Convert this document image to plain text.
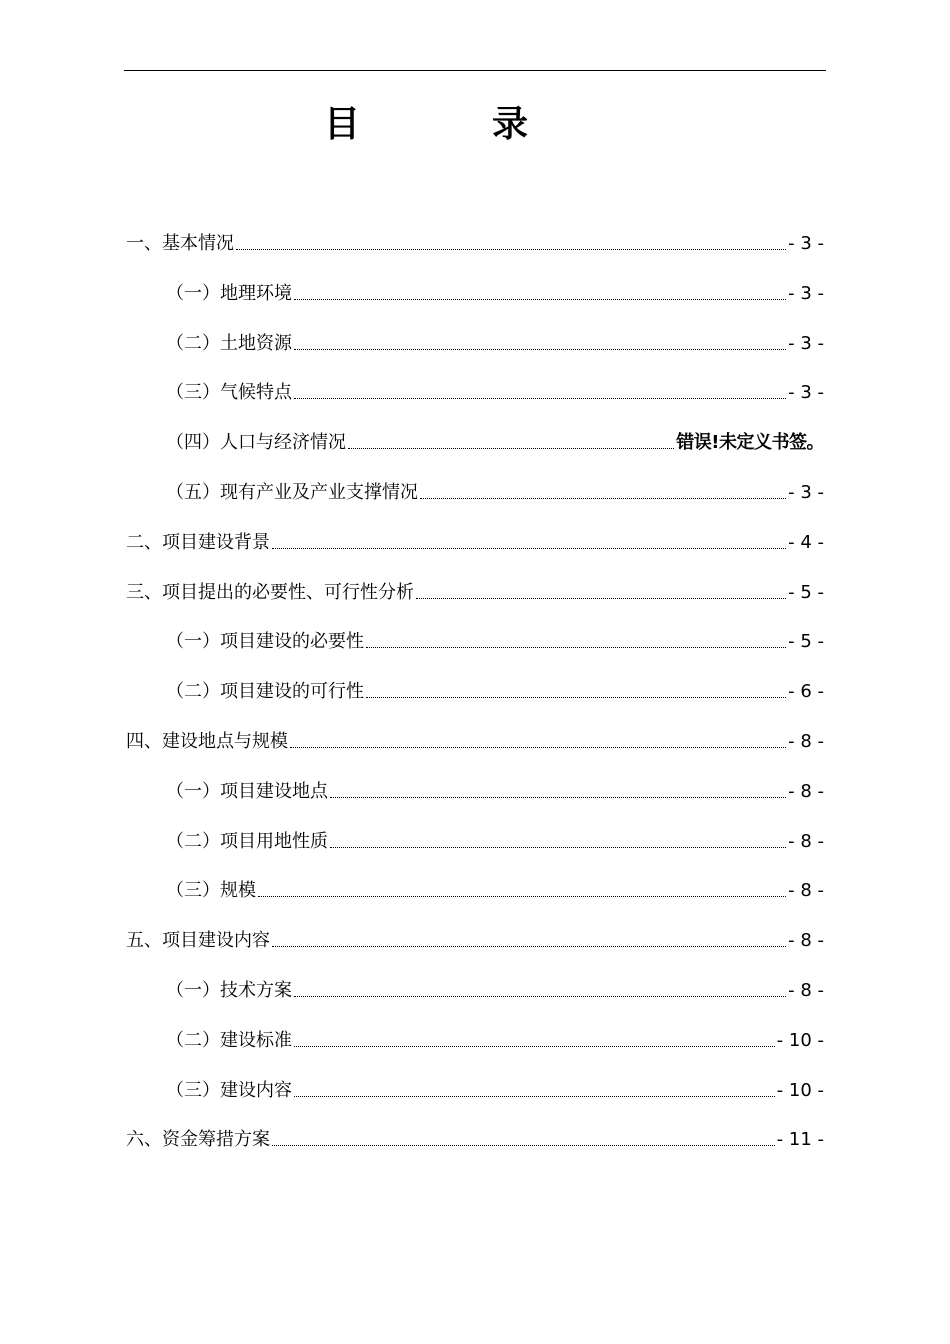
目　录
一、基本情况	- 3 -
（一）地理环境	- 3 -
（二）土地资源	- 3 -
（三）气候特点	- 3 -
（四）人口与经济情况	错误!未定义书签。
（五）现有产业及产业支撑情况	- 3 -
二、项目建设背景	- 4 -
三、项目提出的必要性、可行性分析	- 5 -
（一）项目建设的必要性	- 5 -
（二）项目建设的可行性	- 6 -
四、建设地点与规模	- 8 -
（一）项目建设地点	- 8 -
（二）项目用地性质	- 8 -
（三）规模	- 8 -
五、项目建设内容	- 8 -
（一）技术方案	- 8 -
（二）建设标准	- 10 -
（三）建设内容	- 10 -
六、资金筹措方案	- 11 -
